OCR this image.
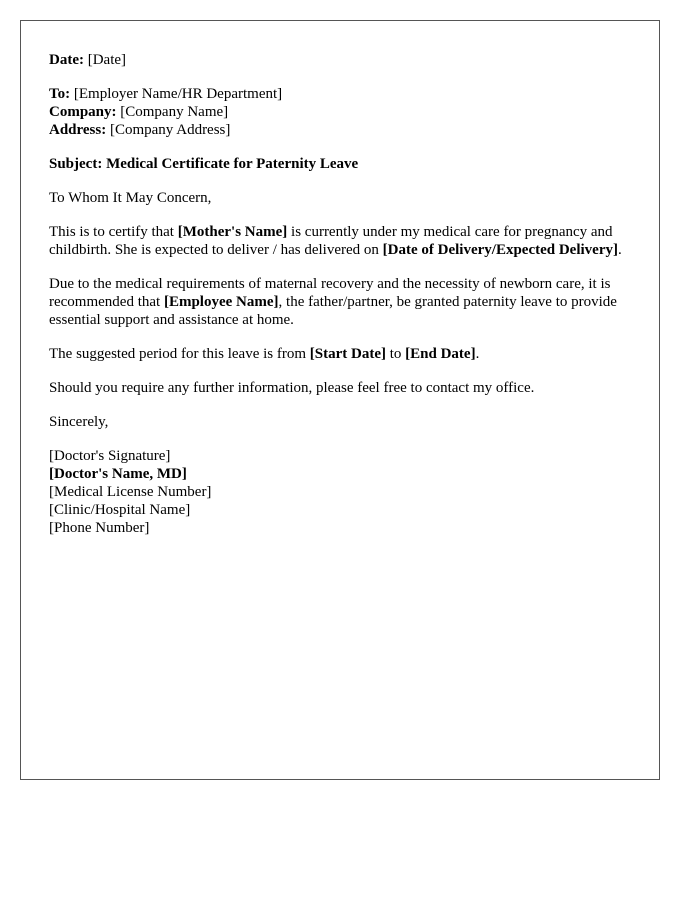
Date: [Date]

To: [Employer Name/HR Department]
Company: [Company Name]
Address: [Company Address]

Subject: Medical Certificate for Paternity Leave

To Whom It May Concern,

This is to certify that [Mother's Name] is currently under my medical care for pregnancy and childbirth. She is expected to deliver / has delivered on [Date of Delivery/Expected Delivery].

Due to the medical requirements of maternal recovery and the necessity of newborn care, it is recommended that [Employee Name], the father/partner, be granted paternity leave to provide essential support and assistance at home.

The suggested period for this leave is from [Start Date] to [End Date].

Should you require any further information, please feel free to contact my office.

Sincerely,

[Doctor's Signature]
[Doctor's Name, MD]
[Medical License Number]
[Clinic/Hospital Name]
[Phone Number]
